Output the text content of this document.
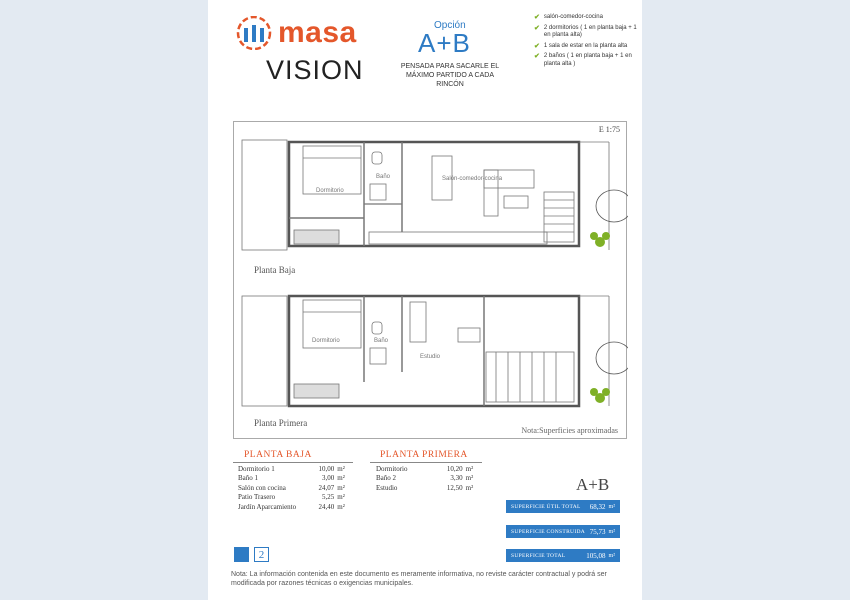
masa
VISION
Opción
A+B
PENSADA PARA SACARLE EL MÁXIMO PARTIDO A CADA RINCÓN
✔ salón-comedor-cocina
✔ 2 dormitorios ( 1 en planta baja + 1 en planta alta)
✔ 1 sala de estar en la planta alta
✔ 2 baños ( 1 en planta baja + 1 en planta alta )
E 1:75
Planta Baja
Planta Primera
Dormitorio
Baño	Salón-comedor-cocina
Dormitorio	Baño
Estudio
Nota:Superficies aproximadas
PLANTA BAJA
Dormitorio 1	10,00	m²
Baño 1	3,00	m²
Salón con cocina	24,07	m²
Patio Trasero	5,25	m²
Jardín Aparcamiento	24,40	m²
PLANTA PRIMERA
Dormitorio	10,20	m²
Baño 2	3,30	m²
Estudio	12,50	m²	A+B
SUPERFICIE ÚTIL TOTAL	68,32 m²
SUPERFICIE CONSTRUIDA 75,73 m²
SUPERFICIE TOTAL	105,08 m²
2
Nota: La información contenida en este documento es meramente informativa, no reviste carácter contractual y podrá ser modificada por razones técnicas o exigencias municipales.
